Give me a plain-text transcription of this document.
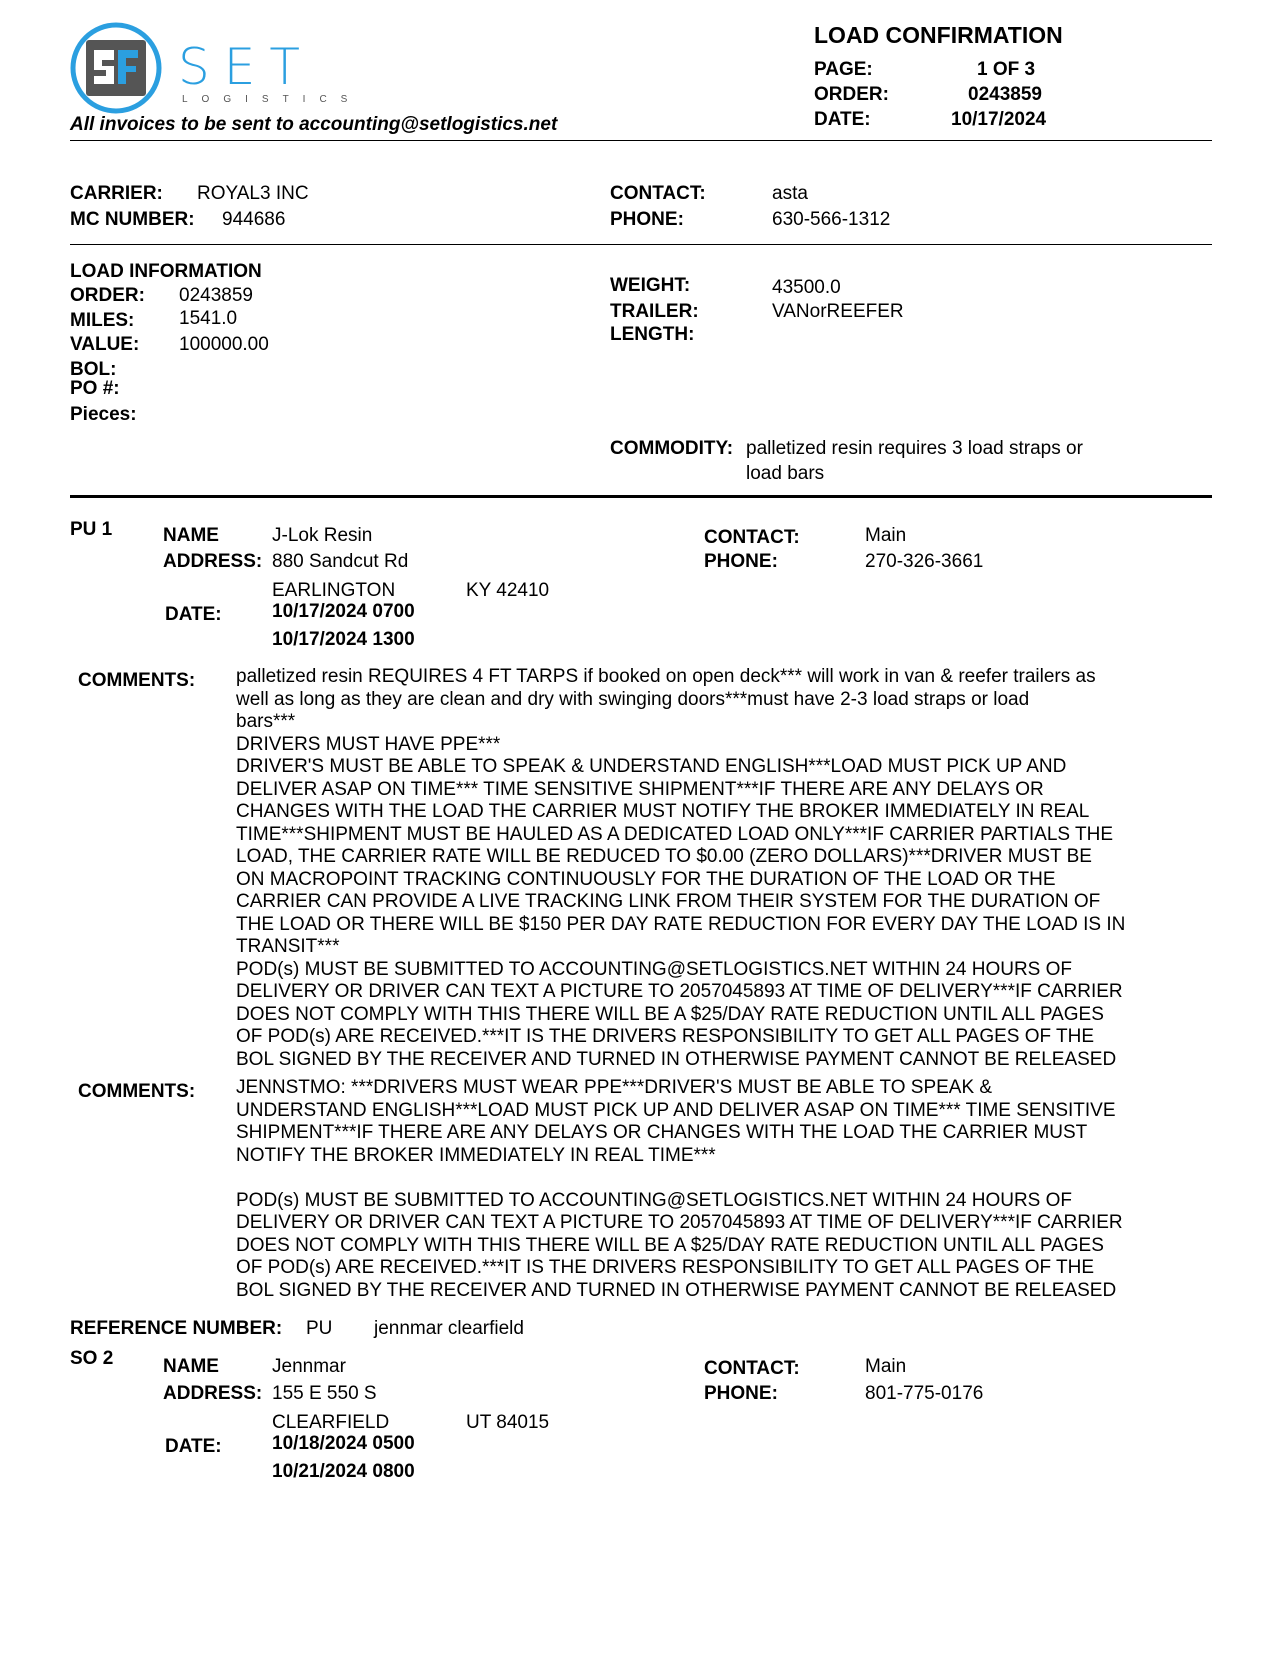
SET
LOGISTICS
All invoices to be sent to accounting@setlogistics.net
LOAD CONFIRMATION
PAGE:	1 OF 3
ORDER:	0243859
DATE:	10/17/2024
CARRIER: ROYAL3 INC
MC NUMBER: 944686
CONTACT:	asta
PHONE:	630-566-1312
LOAD INFORMATION
ORDER: 0243859
MILES: 1541.0
VALUE: 100000.00
BOL:
PO #:
Pieces:
WEIGHT:	43500.0
TRAILER:	VANorREEFER
LENGTH:
COMMODITY: palletized resin requires 3 load straps or
load bars
PU 1	NAME	J-Lok Resin
ADDRESS: 880 Sandcut Rd
EARLINGTON	KY 42410
DATE:	10/17/2024 0700
10/17/2024 1300
CONTACT:	Main
PHONE:	270-326-3661
COMMENTS: palletized resin REQUIRES 4 FT TARPS if booked on open deck*** will work in van & reefer trailers as
well as long as they are clean and dry with swinging doors***must have 2-3 load straps or load
bars***
DRIVERS MUST HAVE PPE***
DRIVER'S MUST BE ABLE TO SPEAK & UNDERSTAND ENGLISH***LOAD MUST PICK UP AND
DELIVER ASAP ON TIME*** TIME SENSITIVE SHIPMENT***IF THERE ARE ANY DELAYS OR
CHANGES WITH THE LOAD THE CARRIER MUST NOTIFY THE BROKER IMMEDIATELY IN REAL
TIME***SHIPMENT MUST BE HAULED AS A DEDICATED LOAD ONLY***IF CARRIER PARTIALS THE
LOAD, THE CARRIER RATE WILL BE REDUCED TO $0.00 (ZERO DOLLARS)***DRIVER MUST BE
ON MACROPOINT TRACKING CONTINUOUSLY FOR THE DURATION OF THE LOAD OR THE
CARRIER CAN PROVIDE A LIVE TRACKING LINK FROM THEIR SYSTEM FOR THE DURATION OF
THE LOAD OR THERE WILL BE $150 PER DAY RATE REDUCTION FOR EVERY DAY THE LOAD IS IN
TRANSIT***
POD(s) MUST BE SUBMITTED TO ACCOUNTING@SETLOGISTICS.NET WITHIN 24 HOURS OF
DELIVERY OR DRIVER CAN TEXT A PICTURE TO 2057045893 AT TIME OF DELIVERY***IF CARRIER
DOES NOT COMPLY WITH THIS THERE WILL BE A $25/DAY RATE REDUCTION UNTIL ALL PAGES
OF POD(s) ARE RECEIVED.***IT IS THE DRIVERS RESPONSIBILITY TO GET ALL PAGES OF THE
BOL SIGNED BY THE RECEIVER AND TURNED IN OTHERWISE PAYMENT CANNOT BE RELEASED
COMMENTS: JENNSTMO: ***DRIVERS MUST WEAR PPE***DRIVER'S MUST BE ABLE TO SPEAK &
UNDERSTAND ENGLISH***LOAD MUST PICK UP AND DELIVER ASAP ON TIME*** TIME SENSITIVE
SHIPMENT***IF THERE ARE ANY DELAYS OR CHANGES WITH THE LOAD THE CARRIER MUST
NOTIFY THE BROKER IMMEDIATELY IN REAL TIME***

POD(s) MUST BE SUBMITTED TO ACCOUNTING@SETLOGISTICS.NET WITHIN 24 HOURS OF
DELIVERY OR DRIVER CAN TEXT A PICTURE TO 2057045893 AT TIME OF DELIVERY***IF CARRIER
DOES NOT COMPLY WITH THIS THERE WILL BE A $25/DAY RATE REDUCTION UNTIL ALL PAGES
OF POD(s) ARE RECEIVED.***IT IS THE DRIVERS RESPONSIBILITY TO GET ALL PAGES OF THE
BOL SIGNED BY THE RECEIVER AND TURNED IN OTHERWISE PAYMENT CANNOT BE RELEASED
REFERENCE NUMBER: PU jennmar clearfield
SO 2	NAME	Jennmar
ADDRESS: 155 E 550 S
CLEARFIELD	UT 84015
DATE:	10/18/2024 0500
10/21/2024 0800
CONTACT:	Main
PHONE:	801-775-0176
